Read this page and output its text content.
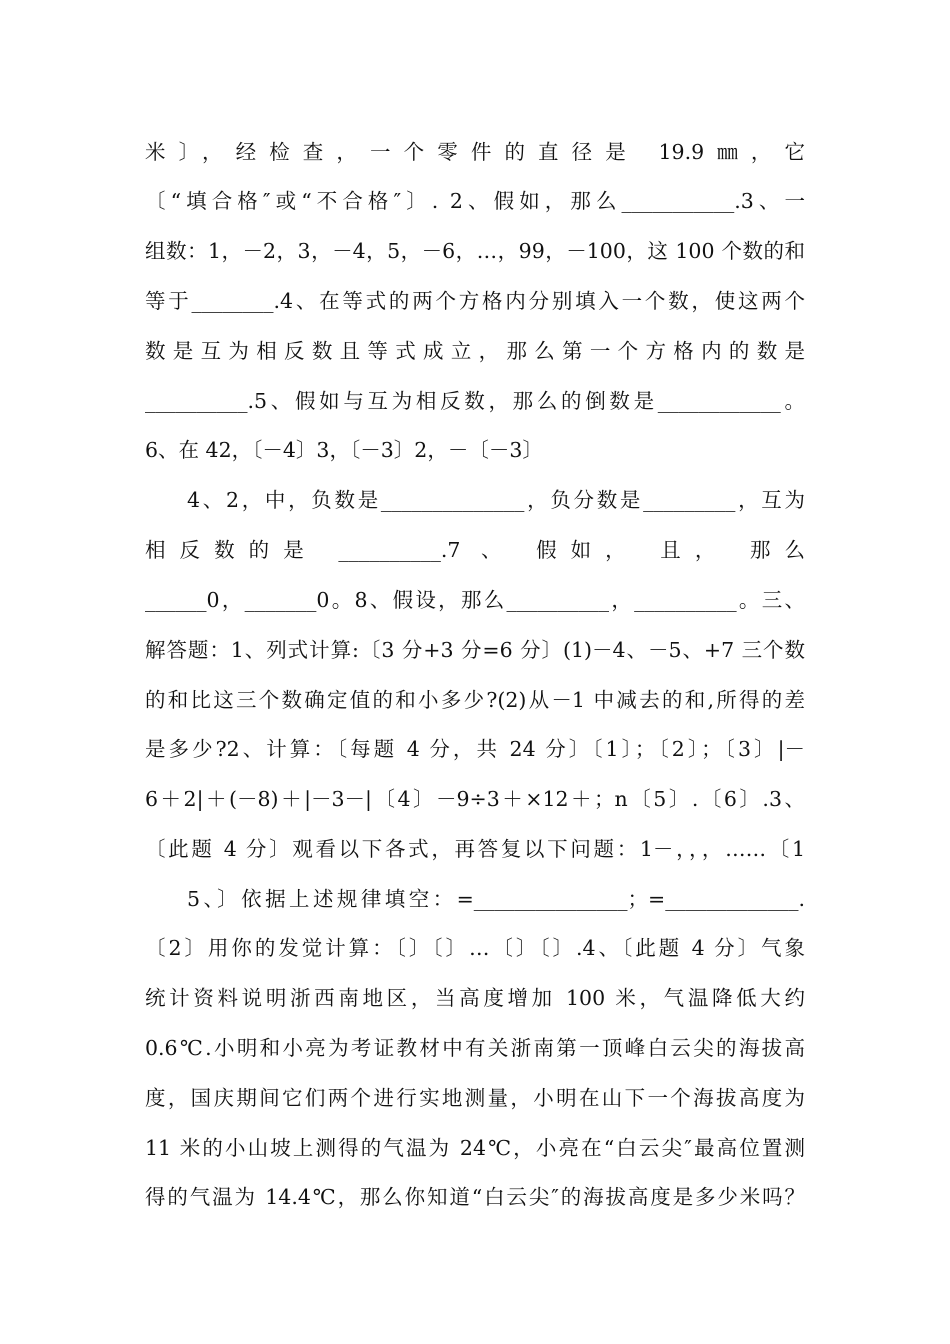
米〕，经检查，一个零件的直径是 19.9㎜，它
〔“填合格″或“不合格″〕. 2、假如，那么___________.3、一
组数：1，－2，3，－4，5，－6，…，99，－100，这 100 个数的和
等于________.4、在等式的两个方格内分别填入一个数，使这两个
数是互为相反数且等式成立，那么第一个方格内的数是
__________.5、假如与互为相反数，那么的倒数是____________。
6、在 42，〔－4〕3，〔－3〕2，－〔－3〕
4、2，中，负数是______________，负分数是_________，互为
相反数的是 __________.7 、 假如， 且， 那么
______0，_______0。8、假设，那么__________，__________。三、
解答题：1、列式计算:〔3 分+3 分=6 分〕(1)－4、－5、+7 三个数
的和比这三个数确定值的和小多少?(2)从－1 中减去的和,所得的差
是多少?2、计算：〔每题 4 分，共 24 分〕〔1〕；〔2〕；〔3〕|－
6＋2|＋(－8)＋|－3－|〔4〕－9÷3＋×12＋；n〔5〕.〔6〕.3、
〔此题 4 分〕观看以下各式，再答复以下问题：1－，，，……〔1
5、〕依据上述规律填空：=_______________；=_____________.
〔2〕用你的发觉计算：〔〕〔〕…〔〕〔〕.4、〔此题 4 分〕气象
统计资料说明浙西南地区，当高度增加 100 米，气温降低大约
0.6℃.小明和小亮为考证教材中有关浙南第一顶峰白云尖的海拔高
度，国庆期间它们两个进行实地测量，小明在山下一个海拔高度为
11 米的小山坡上测得的气温为 24℃，小亮在“白云尖″最高位置测
得的气温为 14.4℃，那么你知道“白云尖″的海拔高度是多少米吗？
